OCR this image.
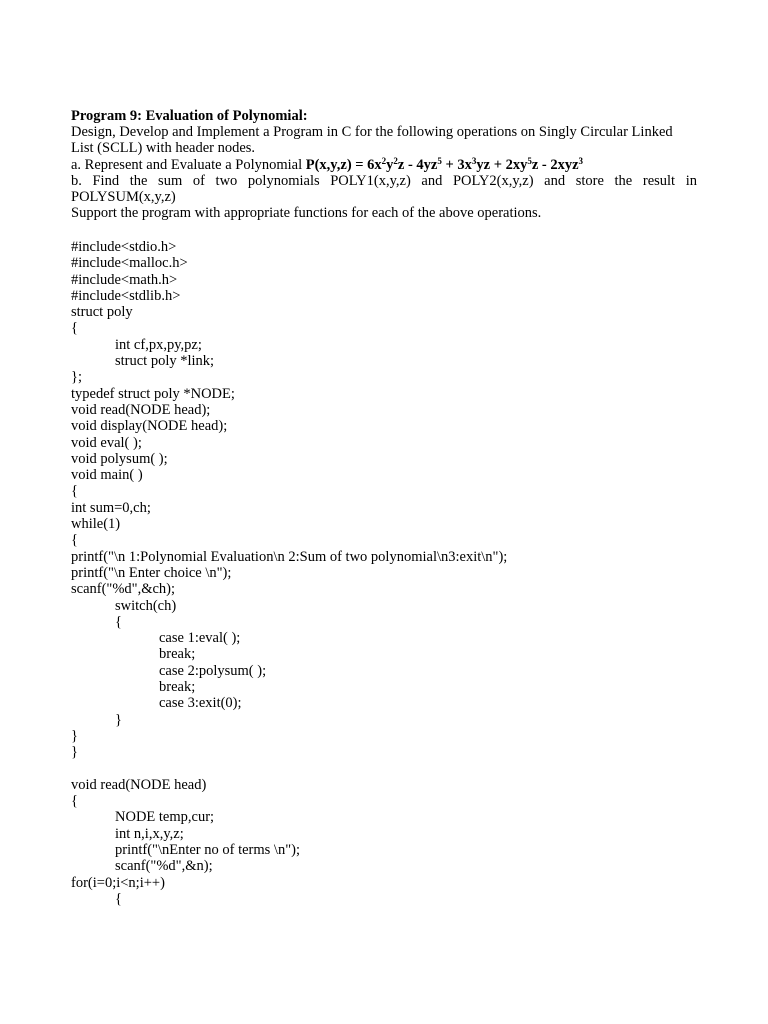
Program 9: Evaluation of Polynomial:
Design, Develop and Implement a Program in C for the following operations on Singly Circular Linked
List (SCLL) with header nodes.
a. Represent and Evaluate a Polynomial $P(x,y,z) = 6x^2y^2z - 4yz^5 + 3x^3yz + 2xy^5z - 2xyz^3$
b. Find the sum of two polynomials POLY1(x,y,z) and POLY2(x,y,z) and store the result in
POLYSUM(x,y,z)
Support the program with appropriate functions for each of the above operations.
#include<stdio.h>
#include<malloc.h>
#include<math.h>
#include<stdlib.h>
struct poly
{
int cf,px,py,pz;
struct poly *link;
};
typedef struct poly *NODE;
void read(NODE head);
void display(NODE head);
void eval( );
void polysum( );
void main( )
{
int sum=0,ch;
while(1)
{
printf("\n 1:Polynomial Evaluation\n 2:Sum of two polynomial\n3:exit\n");
printf("\n Enter choice \n");
scanf("%d",&ch);
switch(ch)
{
case 1:eval( );
break;
case 2:polysum( );
break;
case 3:exit(0);
}
}
}
void read(NODE head)
{
NODE temp,cur;
int n,i,x,y,z;
printf("\nEnter no of terms \n");
scanf("%d",&n);
for(i=0;i<n;i++)
{
